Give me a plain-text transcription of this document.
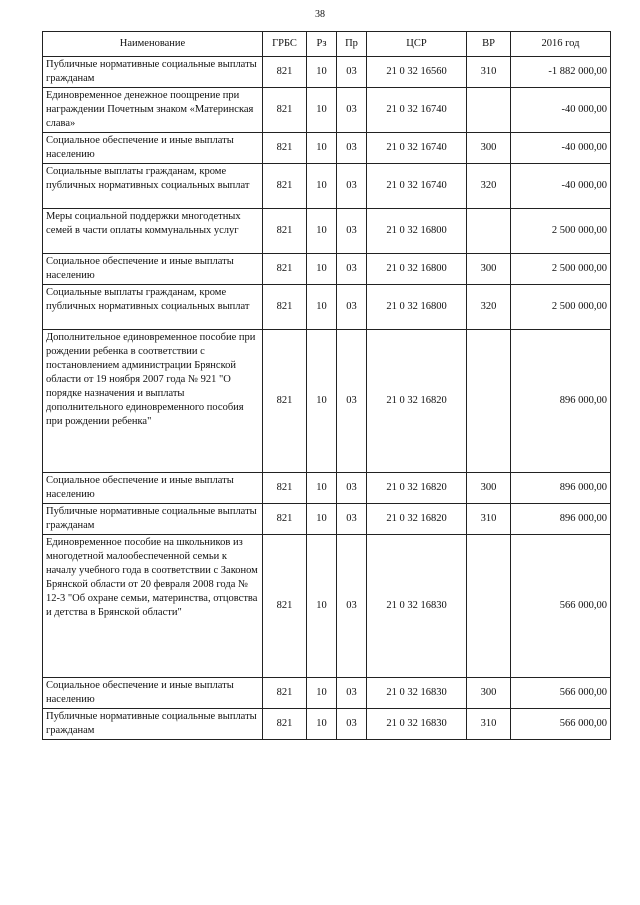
38
Наименование	ГРБС	Рз	Пр	ЦСР	ВР	2016 год
Публичные нормативные социальные выплаты гражданам	821	10	03	21 0 32 16560	310	-1 882 000,00
Единовременное денежное поощрение при награждении Почетным знаком «Материнская слава»	821	10	03	21 0 32 16740		-40 000,00
Социальное обеспечение и иные выплаты населению	821	10	03	21 0 32 16740	300	-40 000,00
Социальные выплаты гражданам, кроме публичных нормативных социальных выплат	821	10	03	21 0 32 16740	320	-40 000,00
Меры социальной поддержки многодетных семей в части оплаты коммунальных услуг	821	10	03	21 0 32 16800		2 500 000,00
Социальное обеспечение и иные выплаты населению	821	10	03	21 0 32 16800	300	2 500 000,00
Социальные выплаты гражданам, кроме публичных нормативных социальных выплат	821	10	03	21 0 32 16800	320	2 500 000,00
Дополнительное единовременное пособие при рождении ребенка в соответствии с постановлением администрации Брянской области от 19 ноября 2007 года № 921 "О порядке назначения и выплаты дополнительного единовременного пособия при рождении ребенка"	821	10	03	21 0 32 16820		896 000,00
Социальное обеспечение и иные выплаты населению	821	10	03	21 0 32 16820	300	896 000,00
Публичные нормативные социальные выплаты гражданам	821	10	03	21 0 32 16820	310	896 000,00
Единовременное пособие на школьников из многодетной малообеспеченной семьи к началу учебного года в соответствии с Законом Брянской области от 20 февраля 2008 года № 12-3 "Об охране семьи, материнства, отцовства и детства в Брянской области"	821	10	03	21 0 32 16830		566 000,00
Социальное обеспечение и иные выплаты населению	821	10	03	21 0 32 16830	300	566 000,00
Публичные нормативные социальные выплаты гражданам	821	10	03	21 0 32 16830	310	566 000,00
